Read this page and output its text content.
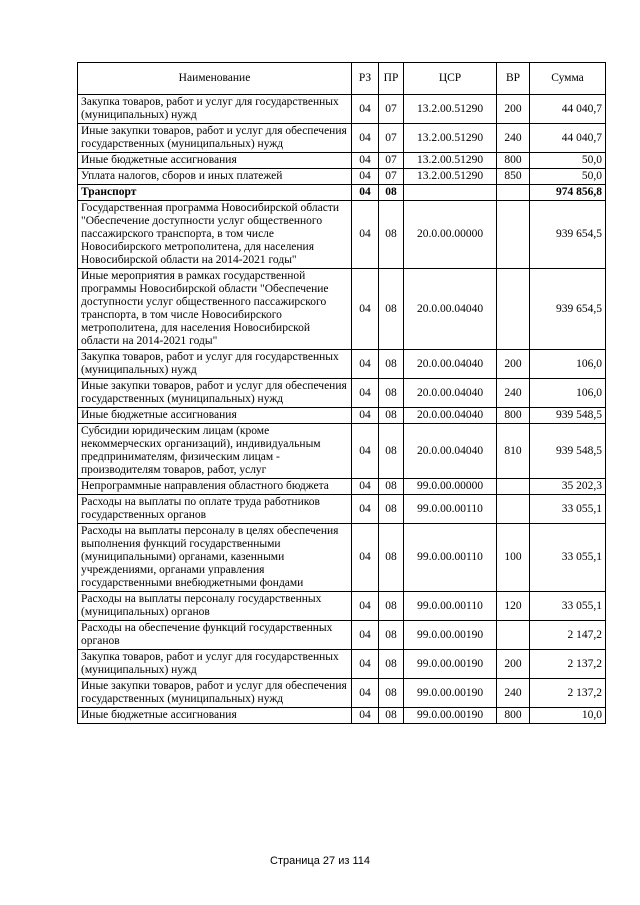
Наименование	РЗ	ПР	ЦСР	ВР	Сумма
Закупка товаров, работ и услуг для государственных (муниципальных) нужд	04	07	13.2.00.51290	200	44 040,7
Иные закупки товаров, работ и услуг для обеспечения государственных (муниципальных) нужд	04	07	13.2.00.51290	240	44 040,7
Иные бюджетные ассигнования	04	07	13.2.00.51290	800	50,0
Уплата налогов, сборов и иных платежей	04	07	13.2.00.51290	850	50,0
Транспорт	04	08			974 856,8
Государственная программа Новосибирской области "Обеспечение доступности услуг общественного пассажирского транспорта, в том числе Новосибирского метрополитена, для населения Новосибирской области на 2014-2021 годы"	04	08	20.0.00.00000		939 654,5
Иные мероприятия в рамках государственной программы Новосибирской области "Обеспечение доступности услуг общественного пассажирского транспорта, в том числе Новосибирского метрополитена, для населения Новосибирской области на 2014-2021 годы"	04	08	20.0.00.04040		939 654,5
Закупка товаров, работ и услуг для государственных (муниципальных) нужд	04	08	20.0.00.04040	200	106,0
Иные закупки товаров, работ и услуг для обеспечения государственных (муниципальных) нужд	04	08	20.0.00.04040	240	106,0
Иные бюджетные ассигнования	04	08	20.0.00.04040	800	939 548,5
Субсидии юридическим лицам (кроме некоммерческих организаций), индивидуальным предпринимателям, физическим лицам - производителям товаров, работ, услуг	04	08	20.0.00.04040	810	939 548,5
Непрограммные направления областного бюджета	04	08	99.0.00.00000		35 202,3
Расходы на выплаты по оплате труда работников государственных органов	04	08	99.0.00.00110		33 055,1
Расходы на выплаты персоналу в целях обеспечения выполнения функций государственными (муниципальными) органами, казенными учреждениями, органами управления государственными внебюджетными фондами	04	08	99.0.00.00110	100	33 055,1
Расходы на выплаты персоналу государственных (муниципальных) органов	04	08	99.0.00.00110	120	33 055,1
Расходы на обеспечение функций государственных органов	04	08	99.0.00.00190		2 147,2
Закупка товаров, работ и услуг для государственных (муниципальных) нужд	04	08	99.0.00.00190	200	2 137,2
Иные закупки товаров, работ и услуг для обеспечения государственных (муниципальных) нужд	04	08	99.0.00.00190	240	2 137,2
Иные бюджетные ассигнования	04	08	99.0.00.00190	800	10,0
Страница 27 из 114
